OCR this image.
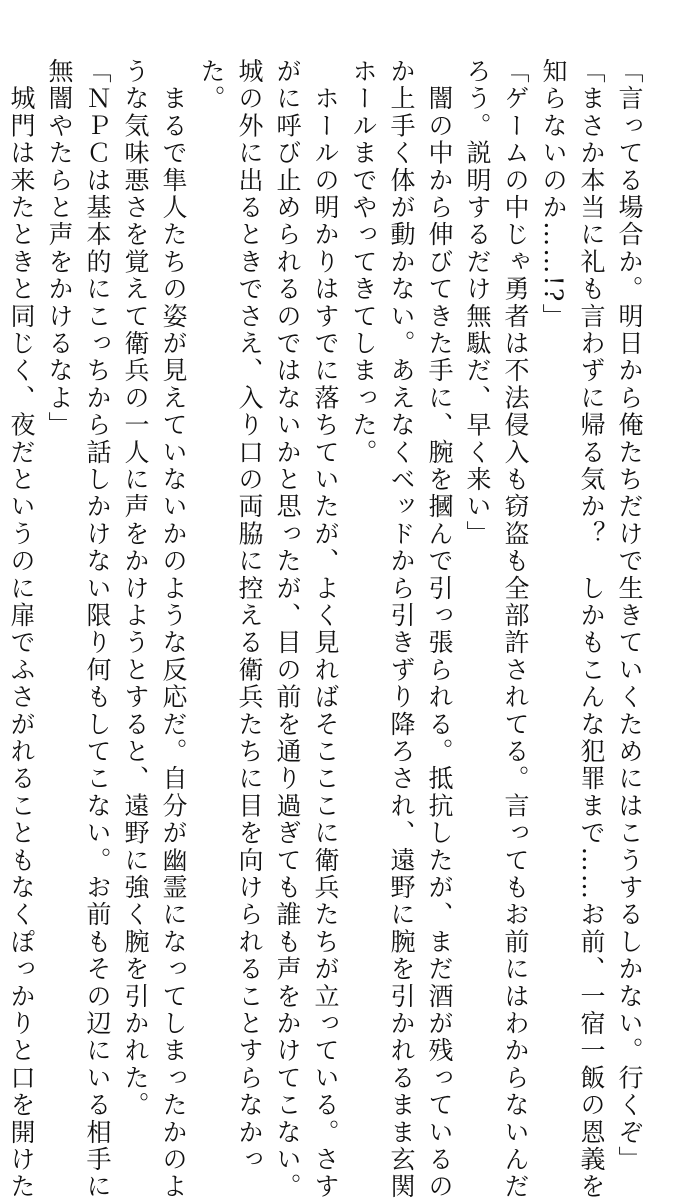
「言ってる場合か。明日から俺たちだけで生きていくためにはこうするしかない。行くぞ」
「まさか本当に礼も言わずに帰る気か？　しかもこんな犯罪まで……お前、一宿一飯の恩義を
知らないのか……!?」
「ゲームの中じゃ勇者は不法侵入も窃盗も全部許されてる。言ってもお前にはわからないんだ
ろう。説明するだけ無駄だ、早く来い」
　闇の中から伸びてきた手に、腕を摑んで引っ張られる。抵抗したが、まだ酒が残っているの
か上手く体が動かない。あえなくベッドから引きずり降ろされ、遠野に腕を引かれるまま玄関
ホールまでやってきてしまった。
　ホールの明かりはすでに落ちていたが、よく見ればそこここに衛兵たちが立っている。さす
がに呼び止められるのではないかと思ったが、目の前を通り過ぎても誰も声をかけてこない。
城の外に出るときでさえ、入り口の両脇に控える衛兵たちに目を向けられることすらなかっ
た。
　まるで隼人たちの姿が見えていないかのような反応だ。自分が幽霊になってしまったかのよ
うな気味悪さを覚えて衛兵の一人に声をかけようとすると、遠野に強く腕を引かれた。
「ＮＰＣは基本的にこっちから話しかけない限り何もしてこない。お前もその辺にいる相手に
無闇やたらと声をかけるなよ」
　城門は来たときと同じく、夜だというのに扉でふさがれることもなくぽっかりと口を開けた
